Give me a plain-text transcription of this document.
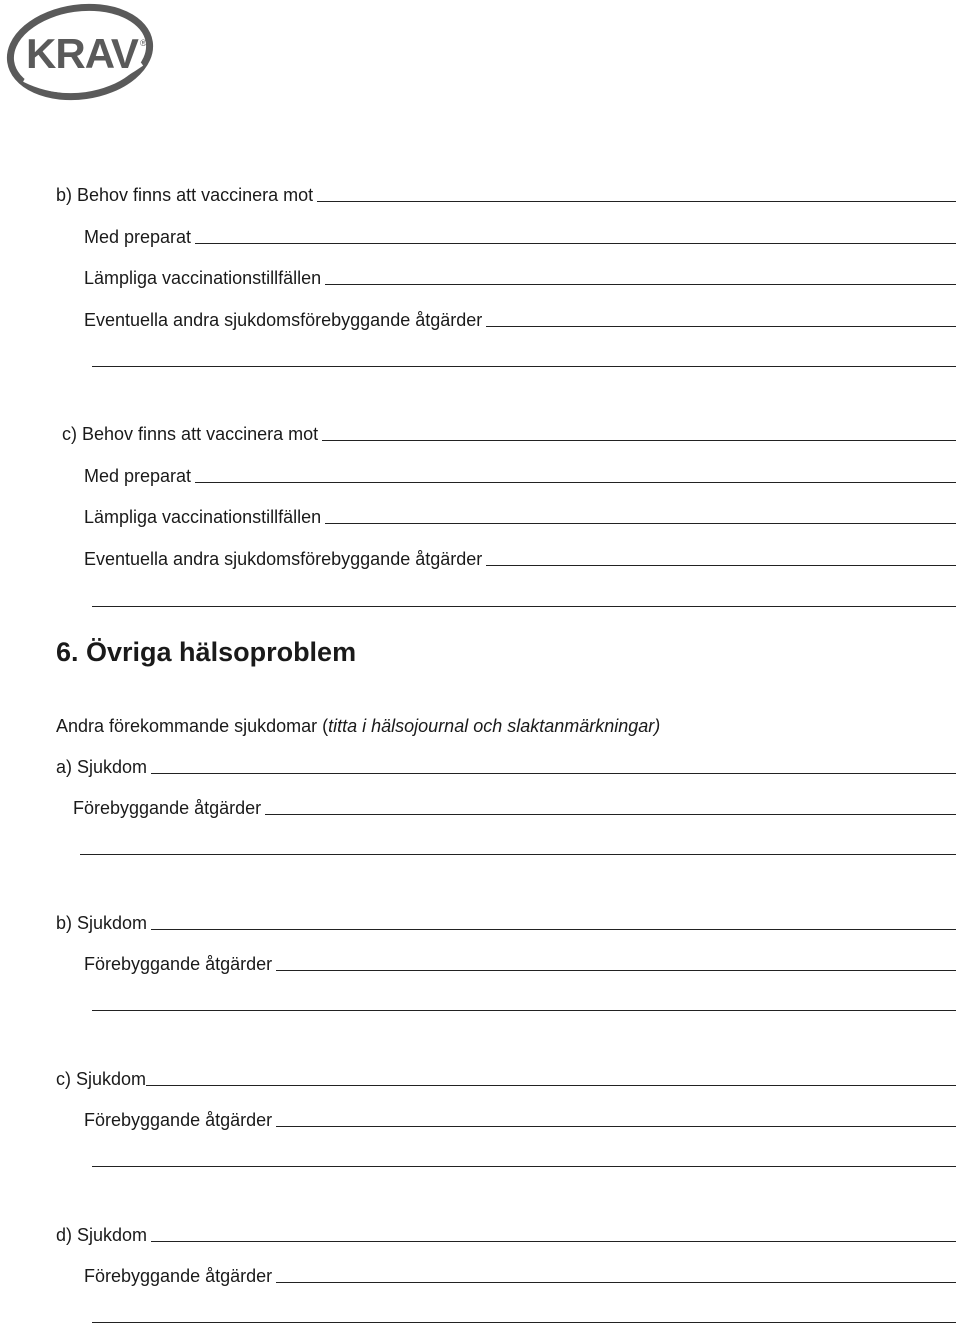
KRAV ®
b) Behov finns att vaccinera mot
Med preparat
Lämpliga vaccinationstillfällen
Eventuella andra sjukdomsförebyggande åtgärder
c) Behov finns att vaccinera mot
Med preparat
Lämpliga vaccinationstillfällen
Eventuella andra sjukdomsförebyggande åtgärder
6. Övriga hälsoproblem
Andra förekommande sjukdomar (titta i hälsojournal och slaktanmärkningar)
a) Sjukdom
Förebyggande åtgärder
b) Sjukdom
Förebyggande åtgärder
c) Sjukdom
Förebyggande åtgärder
d) Sjukdom
Förebyggande åtgärder
